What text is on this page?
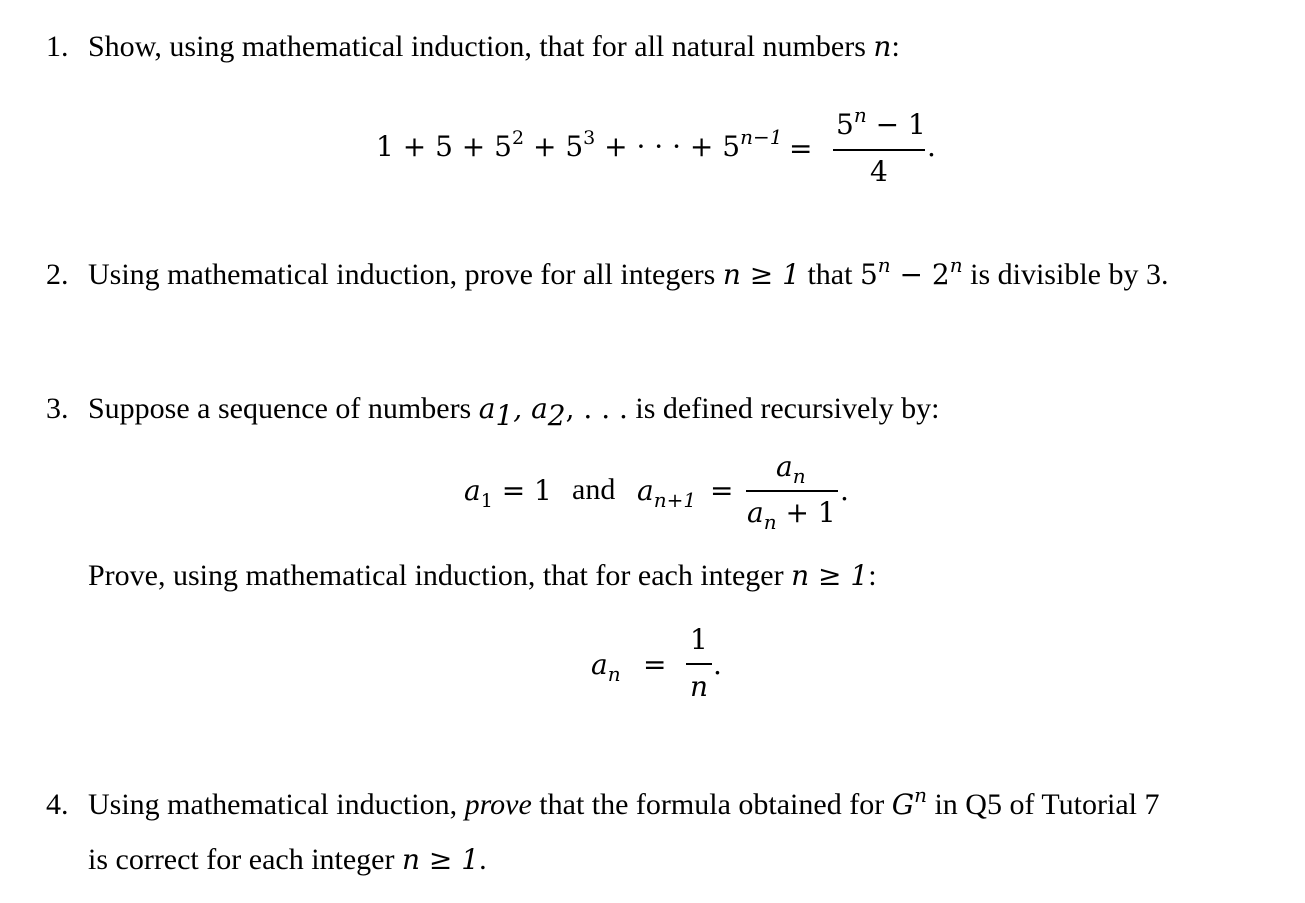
1. Show, using mathematical induction, that for all natural numbers n:
$1 + 5 + 5^2 + 5^3$ + · · · + $5^{n-1}$ =
$5^n - 1$
4
.
2. Using mathematical induction, prove for all integers n ≥ 1 that $5^n - 2^n$ is divisible by 3.
3. Suppose a sequence of numbers $a_1$, $a_2$, . . . is defined recursively by:
$a_1 = 1$ and $a_{n+1}$ =
$a_n$
$a_n + 1$
.
Prove, using mathematical induction, that for each integer n ≥ 1:
$a_n$ =
1
n
.
4. Using mathematical induction, prove that the formula obtained for $G^n$ in Q5 of Tutorial 7
is correct for each integer n ≥ 1.
